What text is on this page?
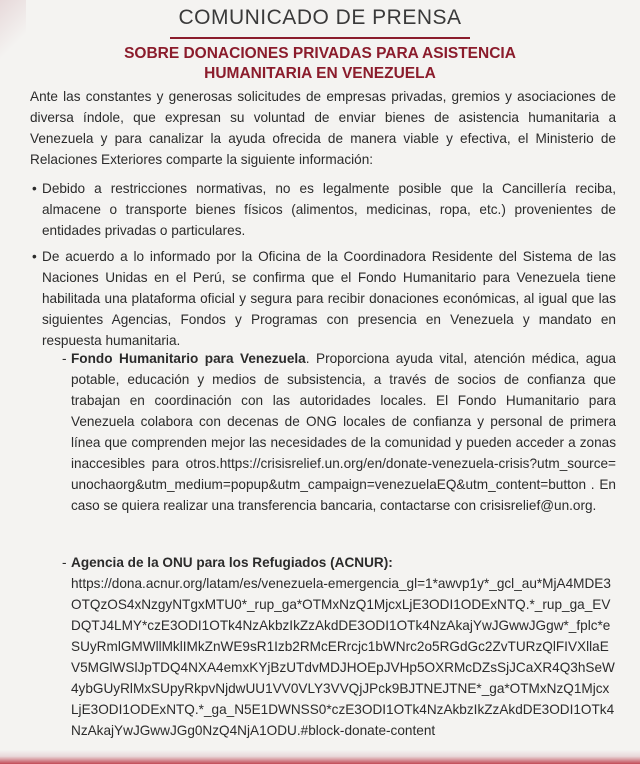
COMUNICADO DE PRENSA
SOBRE DONACIONES PRIVADAS PARA ASISTENCIA
HUMANITARIA EN VENEZUELA
Ante las constantes y generosas solicitudes de empresas privadas, gremios y asociaciones de diversa índole, que expresan su voluntad de enviar bienes de asistencia humanitaria a Venezuela y para canalizar la ayuda ofrecida de manera viable y efectiva, el Ministerio de Relaciones Exteriores comparte la siguiente información:
• Debido a restricciones normativas, no es legalmente posible que la Cancillería reciba, almacene o transporte bienes físicos (alimentos, medicinas, ropa, etc.) provenientes de entidades privadas o particulares.
• De acuerdo a lo informado por la Oficina de la Coordinadora Residente del Sistema de las Naciones Unidas en el Perú, se confirma que el Fondo Humanitario para Venezuela tiene habilitada una plataforma oficial y segura para recibir donaciones económicas, al igual que las siguientes Agencias, Fondos y Programas con presencia en Venezuela y mandato en respuesta humanitaria.
- Fondo Humanitario para Venezuela. Proporciona ayuda vital, atención médica, agua potable, educación y medios de subsistencia, a través de socios de confianza que trabajan en coordinación con las autoridades locales. El Fondo Humanitario para Venezuela colabora con decenas de ONG locales de confianza y personal de primera línea que comprenden mejor las necesidades de la comunidad y pueden acceder a zonas inaccesibles para otros.https://crisisrelief.un.org/en/donate-venezuela-crisis?utm_source=unochaorg&utm_medium=popup&utm_campaign=venezuelaEQ&utm_content=button . En caso se quiera realizar una transferencia bancaria, contactarse con crisisrelief@un.org.
- Agencia de la ONU para los Refugiados (ACNUR):
https://dona.acnur.org/latam/es/venezuela-emergencia_gl=1*awvp1y*_gcl_au*MjA4MDE3OTQzOS4xNzgyNTgxMTU0*_rup_ga*OTMxNzQ1MjcxLjE3ODI1ODExNTQ.*_rup_ga_EVDQTJ4LMY*czE3ODI1OTk4NzAkbzIkZzAkdDE3ODI1OTk4NzAkajYwJGwwJGgw*_fplc*eSUyRmlGMWllMklIMkZnWE9sR1Izb2RMcERrcjc1bWNrc2o5RGdGc2ZvTURzQlFIVXllaEV5MGlWSlJpTDQ4NXA4emxKYjBzUTdvMDJHOEpJVHp5OXRMcDZsSjJCaXR4Q3hSeW4ybGUyRlMxSUpyRkpvNjdwUU1VV0VLY3VVQjJPck9BJTNEJTNE*_ga*OTMxNzQ1MjcxLjE3ODI1ODExNTQ.*_ga_N5E1DWNSS0*czE3ODI1OTk4NzAkbzIkZzAkdDE3ODI1OTk4NzAkajYwJGwwJGg0NzQ4NjA1ODU.#block-donate-content
